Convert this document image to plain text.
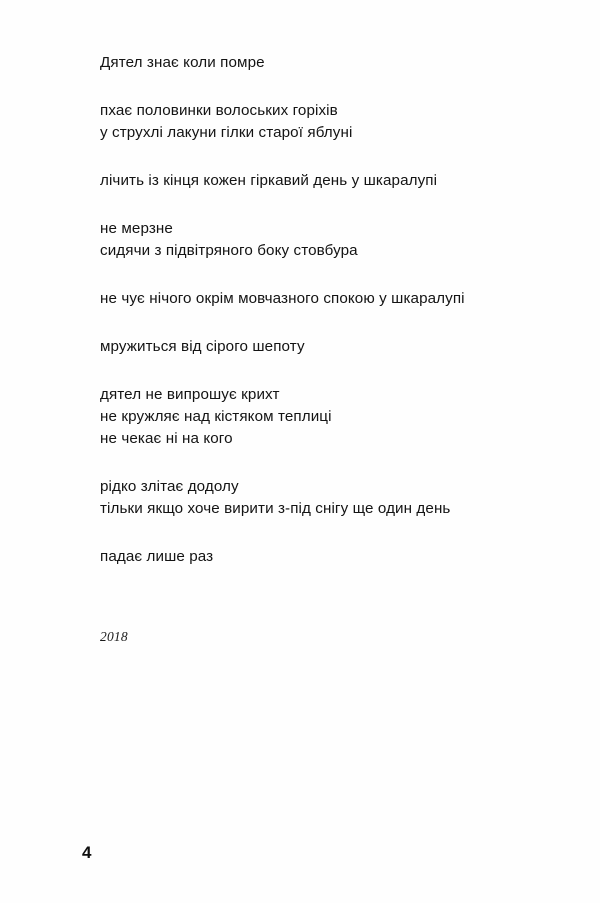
Дятел знає коли помре
пхає половинки волоських горіхів
у струхлі лакуни гілки старої яблуні
лічить із кінця кожен гіркавий день у шкаралупі
не мерзне
сидячи з підвітряного боку стовбура
не чує нічого окрім мовчазного спокою у шкаралупі
мружиться від сірого шепоту
дятел не випрошує крихт
не кружляє над кістяком теплиці
не чекає ні на кого
рідко злітає додолу
тільки якщо хоче вирити з-під снігу ще один день
падає лише раз
2018
4
